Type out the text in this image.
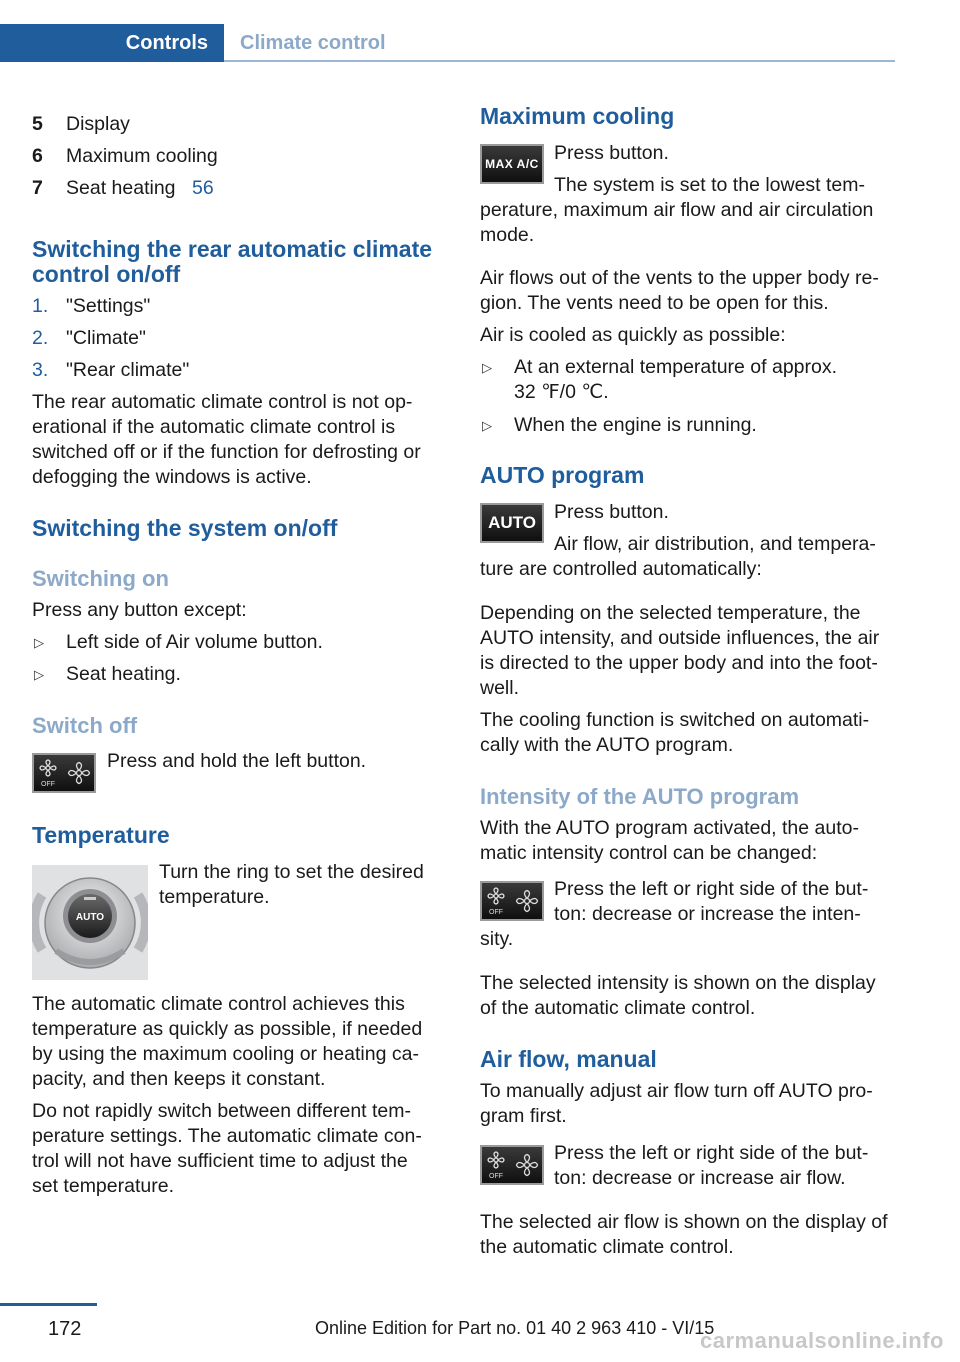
Controls	Climate control
5 Display
6 Maximum cooling
7 Seat heating 56
Switching the rear automatic climate
control on/off
1. "Settings"
2. "Climate"
3. "Rear climate"
The rear automatic climate control is not op-
erational if the automatic climate control is
switched off or if the function for defrosting or
defogging the windows is active.
Switching the system on/off
Switching on
Press any button except:
▷ Left side of Air volume button.
▷ Seat heating.
Switch off
OFF
Press and hold the left button.
Temperature
AUTO
Turn the ring to set the desired
temperature.
The automatic climate control achieves this
temperature as quickly as possible, if needed
by using the maximum cooling or heating ca-
pacity, and then keeps it constant.
Do not rapidly switch between different tem-
perature settings. The automatic climate con-
trol will not have sufficient time to adjust the
set temperature.
Maximum cooling
MAX A/C Press button.
The system is set to the lowest tem-
perature, maximum air flow and air circulation
mode.
Air flows out of the vents to the upper body re-
gion. The vents need to be open for this.
Air is cooled as quickly as possible:
▷ At an external temperature of approx.
32 ℉/0 ℃.
▷ When the engine is running.
AUTO program
AUTO Press button.
Air flow, air distribution, and tempera-
ture are controlled automatically:
Depending on the selected temperature, the
AUTO intensity, and outside influences, the air
is directed to the upper body and into the foot-
well.
The cooling function is switched on automati-
cally with the AUTO program.
Intensity of the AUTO program
With the AUTO program activated, the auto-
matic intensity control can be changed:
OFF
Press the left or right side of the but-
ton: decrease or increase the inten-
sity.
The selected intensity is shown on the display
of the automatic climate control.
Air flow, manual
To manually adjust air flow turn off AUTO pro-
gram first.
OFF
Press the left or right side of the but-
ton: decrease or increase air flow.
The selected air flow is shown on the display of
the automatic climate control.
172	Online Edition for Part no. 01 40 2 963 410 - VI/15
carmanualsonline.info
